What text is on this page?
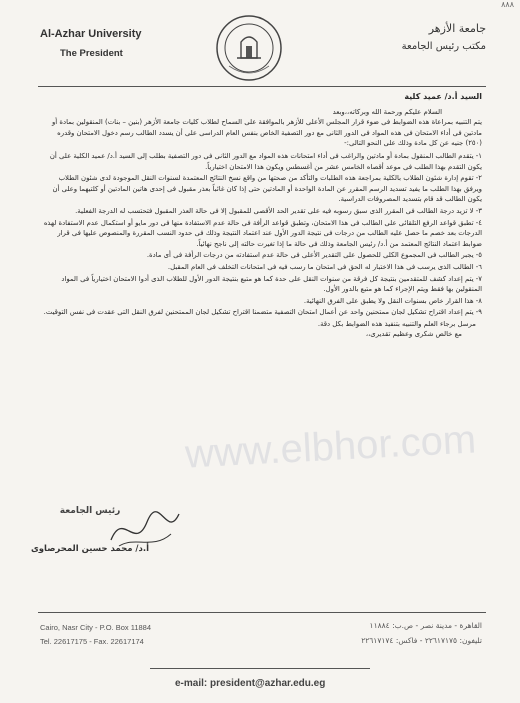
٨٨٨
Al-Azhar University
The President
جامعة الأزهر
مكتب رئيس الجامعة
السيد أ.د/ عميد كلية

السلام عليكم ورحمة الله وبركاته،،وبعد

يتم التنبيه بمراعاة هذه الضوابط فى ضوء قرار المجلس الأعلى للأزهر بالموافقة على السماح لطلاب كليات جامعة الأزهر (بنين – بنات) المنقولين بمادة أو مادتين فى أداء الامتحان فى هذه المواد فى الدور الثانى مع دور التصفية الخاص بنفس العام الدراسى على أن يسدد الطالب رسم دخول الامتحان وقدره (٢٥٠) جنيه عن كل مادة وذلك على النحو التالى:-

١- يتقدم الطالب المنقول بمادة أو مادتين والراغب فى أداء امتحانات هذه المواد مع الدور الثانى فى دور التصفية بطلب إلى السيد أ.د/ عميد الكلية على أن يكون التقدم بهذا الطلب فى موعد أقصاه الخامس عشر من أغسطس ويكون هذا الامتحان اختيارياً.

٢- تقوم إدارة شئون الطلاب بالكلية بمراجعة هذه الطلبات والتأكد من صحتها من واقع نسخ النتائج المعتمدة لسنوات النقل الموجودة لدى شئون الطلاب ويرفق بهذا الطلب ما يفيد تسديد الرسم المقرر عن المادة الواحدة أو المادتين حتى إذا كان غائباً بعذر مقبول فى إحدى هاتين المادتين أو كلتيهما وعلى أن يكون الطالب قد قام بتسديد المصروفات الدراسية.

٣- لا تزيد درجة الطالب فى المقرر الذى سبق رسوبه فيه على تقدير الحد الأقصى للمقبول إلا فى حالة العذر المقبول فتحتسب له الدرجة الفعلية.

٤- تطبق قواعد الرفع التلقائى على الطالب فى هذا الامتحان، وتطبق قواعد الرأفة فى حالة عدم الاستفادة منها فى دور مايو أو استكمال عدم الاستفادة لهذه الدرجات بعد خصم ما حصل عليه الطالب من درجات فى نتيجة الدور الأول عند اعتماد النتيجة وذلك فى حدود النسب المقررة والمنصوص عليها فى قرار ضوابط اعتماد النتائج المعتمد من أ.د/ رئيس الجامعة وذلك فى حالة ما إذا تغيرت حالته إلى ناجح نهائياً.

٥- يجبر الطالب فى المجموع الكلى للحصول على التقدير الأعلى فى حالة عدم استفادته من درجات الرأفة فى أى مادة.

٦- الطالب الذى يرسب فى هذا الاختبار له الحق فى امتحان ما رسب فيه فى امتحانات التخلف فى العام المقبل.

٧- يتم إعداد كشف للمتقدمين بنتيجة كل فرقة من سنوات النقل على حدة كما هو متبع بنتيجة الدور الأول للطلاب الذى أدوا الامتحان اختيارياً فى المواد المنقولين بها فقط ويتم الإجراء كما هو متبع بالدور الأول.

٨- هذا القرار خاص بسنوات النقل ولا يطبق على الفرق النهائية.

٩- يتم إعداد اقتراح تشكيل لجان ممتحنين واحد عن أعمال امتحان التصفية متضمنا اقتراح تشكيل لجان الممتحنين لفرق النقل التى عقدت فى نفس التوقيت.

مرسل برجاء العلم والتنبيه بتنفيذ هذه الضوابط بكل دقة.

مع خالص شكرى وعظيم تقديرى،،

www.elbhor.com
رئيس الجامعة
أ.د/ محمد حسين المحرصاوى
Cairo, Nasr City - P.O. Box 11884
Tel. 22617175 - Fax. 22617174
القاهرة - مدينة نصر - ص.ب: ١١٨٨٤
تليفون: ٢٢٦١٧١٧٥ - فاكس: ٢٢٦١٧١٧٤
e-mail: president@azhar.edu.eg
